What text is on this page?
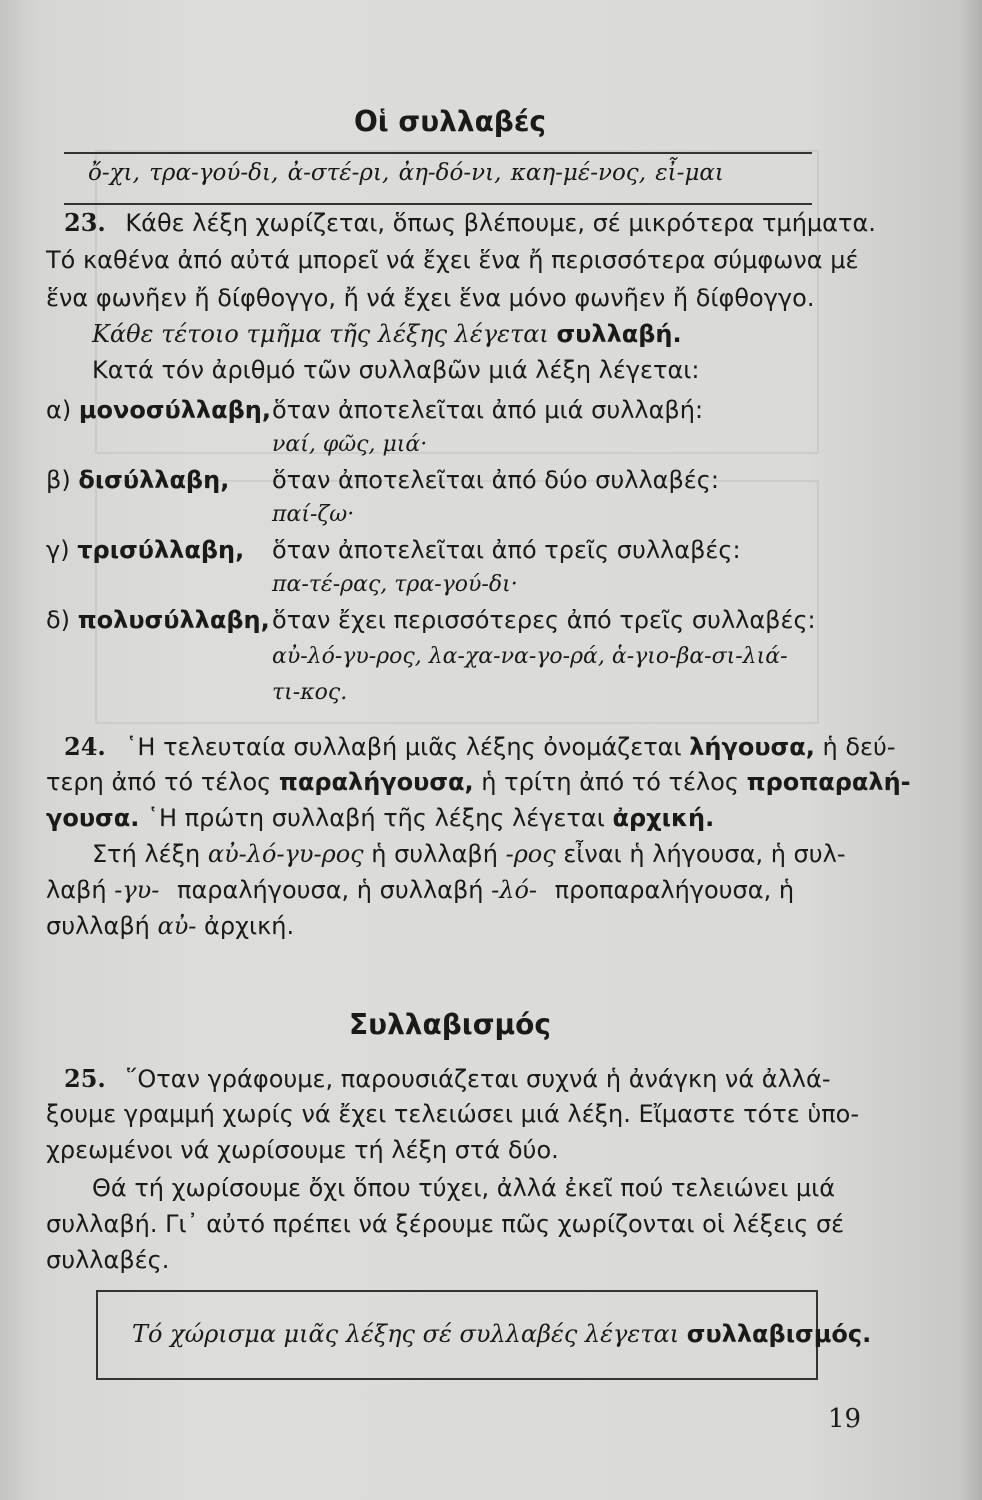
Οἱ συλλαβές
ὄ-χι, τρα-γού-δι, ἀ-στέ-ρι, ἀη-δό-νι, καη-μέ-νος, εἶ-μαι
23. Κάθε λέξη χωρίζεται, ὅπως βλέπουμε, σέ μικρότερα τμήματα.
Τό καθένα ἀπό αὐτά μπορεῖ νά ἔχει ἕνα ἤ περισσότερα σύμφωνα μέ
ἕνα φωνῆεν ἤ δίφθογγο, ἤ νά ἔχει ἕνα μόνο φωνῆεν ἤ δίφθογγο.
Κάθε τέτοιο τμῆμα τῆς λέξης λέγεται συλλαβή.
Κατά τόν ἀριθμό τῶν συλλαβῶν μιά λέξη λέγεται:
α) μονοσύλλαβη, ὅταν ἀποτελεῖται ἀπό μιά συλλαβή:
ναί, φῶς, μιά·
β) δισύλλαβη, ὅταν ἀποτελεῖται ἀπό δύο συλλαβές:
παί-ζω·
γ) τρισύλλαβη, ὅταν ἀποτελεῖται ἀπό τρεῖς συλλαβές:
πα-τέ-ρας, τρα-γού-δι·
δ) πολυσύλλαβη, ὅταν ἔχει περισσότερες ἀπό τρεῖς συλλαβές:
αὐ-λό-γυ-ρος, λα-χα-να-γο-ρά, ἁ-γιο-βα-σι-λιά-
τι-κος.
24. ῾Η τελευταία συλλαβή μιᾶς λέξης ὀνομάζεται λήγουσα, ἡ δεύ-
τερη ἀπό τό τέλος παραλήγουσα, ἡ τρίτη ἀπό τό τέλος προπαραλή-
γουσα. ῾Η πρώτη συλλαβή τῆς λέξης λέγεται ἀρχική.
Στή λέξη αὐ-λό-γυ-ρος ἡ συλλαβή -ρος εἶναι ἡ λήγουσα, ἡ συλ-
λαβή -γυ- παραλήγουσα, ἡ συλλαβή -λό- προπαραλήγουσα, ἡ
συλλαβή αὐ- ἀρχική.
Συλλαβισμός
25. ῞Οταν γράφουμε, παρουσιάζεται συχνά ἡ ἀνάγκη νά ἀλλά-
ξουμε γραμμή χωρίς νά ἔχει τελειώσει μιά λέξη. Εἴμαστε τότε ὑπο-
χρεωμένοι νά χωρίσουμε τή λέξη στά δύο.
Θά τή χωρίσουμε ὄχι ὅπου τύχει, ἀλλά ἐκεῖ πού τελειώνει μιά
συλλαβή. Γι᾽ αὐτό πρέπει νά ξέρουμε πῶς χωρίζονται οἱ λέξεις σέ
συλλαβές.
Τό χώρισμα μιᾶς λέξης σέ συλλαβές λέγεται συλλαβισμός.
19
